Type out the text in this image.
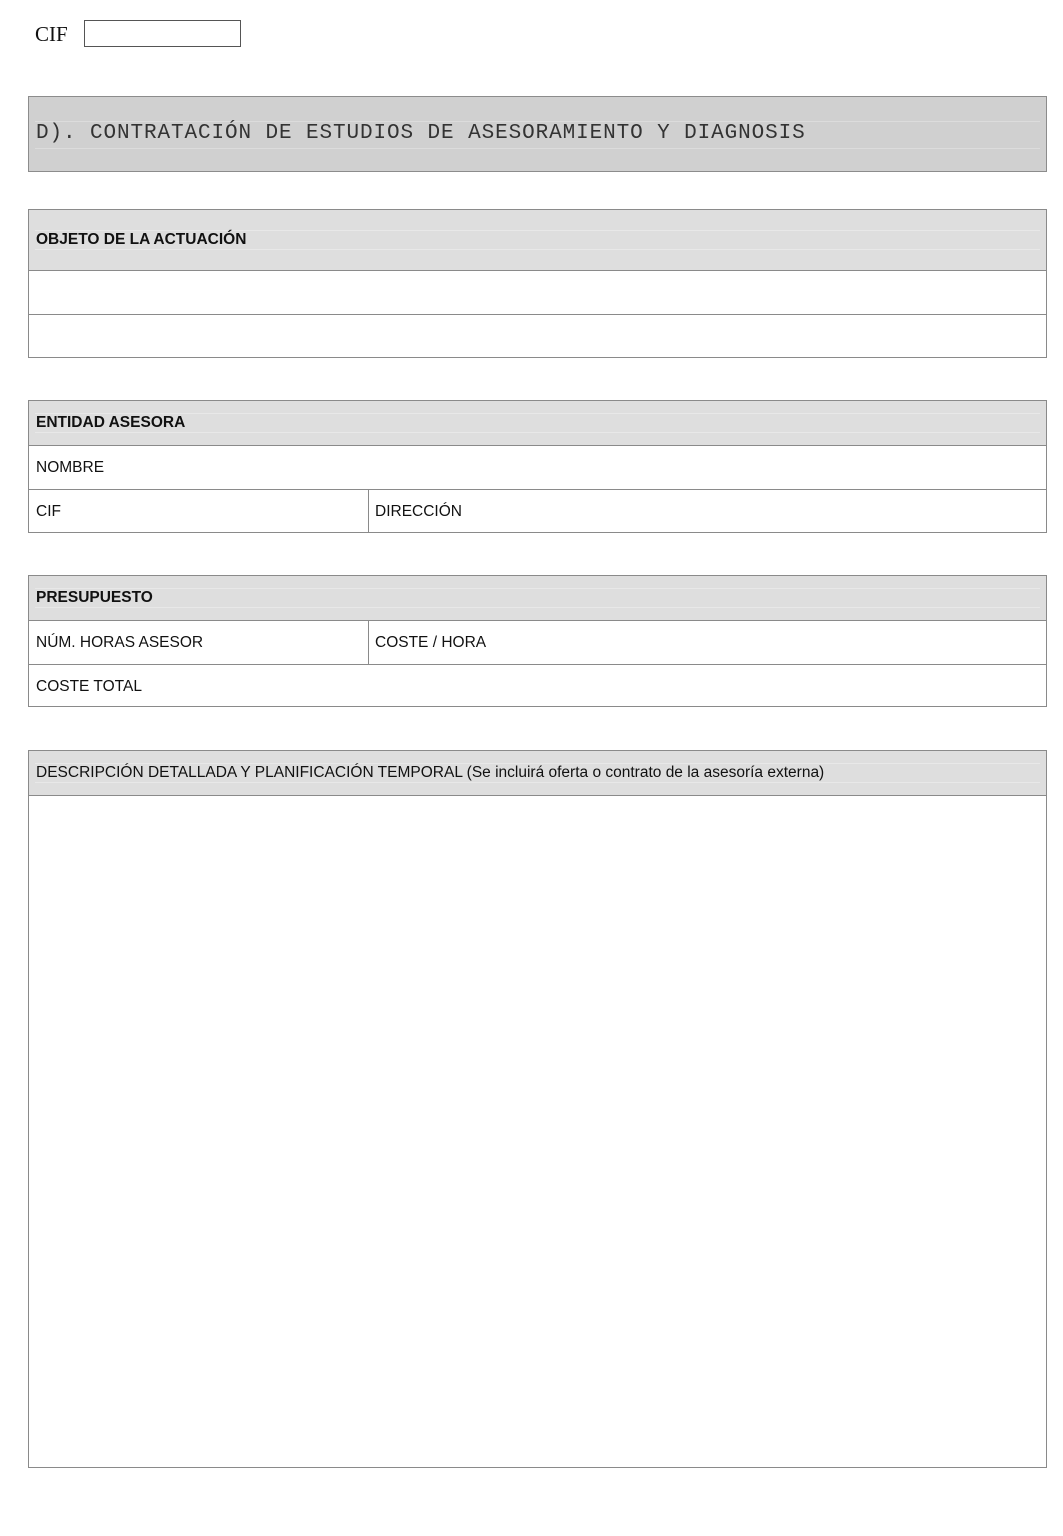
CIF
D). CONTRATACIÓN DE ESTUDIOS DE ASESORAMIENTO Y DIAGNOSIS
OBJETO DE LA ACTUACIÓN
ENTIDAD ASESORA
NOMBRE
CIF	DIRECCIÓN
PRESUPUESTO
NÚM. HORAS ASESOR	COSTE / HORA
COSTE TOTAL
DESCRIPCIÓN DETALLADA Y PLANIFICACIÓN TEMPORAL (Se incluirá oferta o contrato de la asesoría externa)
